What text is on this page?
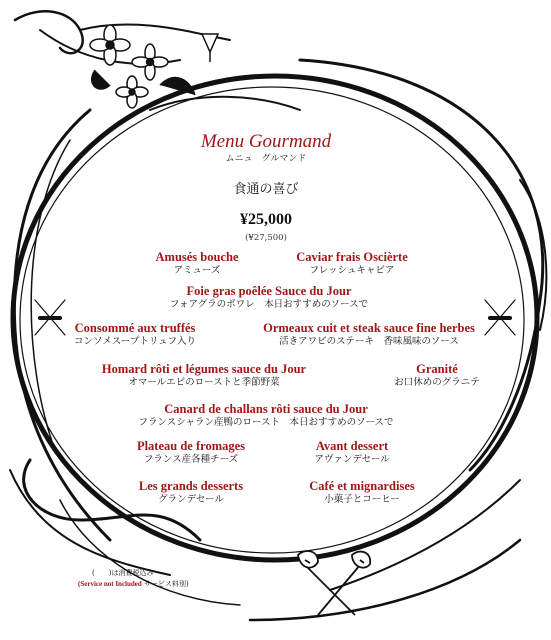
Menu Gourmand
ムニュ　グルマンド
食通の喜び
¥25,000
(¥27,500)
Amusés bouche
アミューズ
Caviar frais Oscièrte
フレッシュキャビア
Foie gras poêlée Sauce du Jour
フォアグラのポワレ　本日おすすめのソースで
Consommé aux truffés
コンソメスープトリュフ入り
Ormeaux cuit et steak sauce fine herbes
活きアワビのステーキ　香味風味のソース
Homard rôti et légumes sauce du Jour
オマールエビのローストと季節野菜
Granité
お口休めのグラニテ
Canard de challans rôti sauce du Jour
フランスシャラン産鴨のロースト　本日おすすめのソースで
Plateau de fromages
フランス産各種チーズ
Avant dessert
アヴァンデセール
Les grands desserts
グランデセール
Café et mignardises
小菓子とコーヒー
(　　)は消費税込み
(Service not Included サービス料別)
